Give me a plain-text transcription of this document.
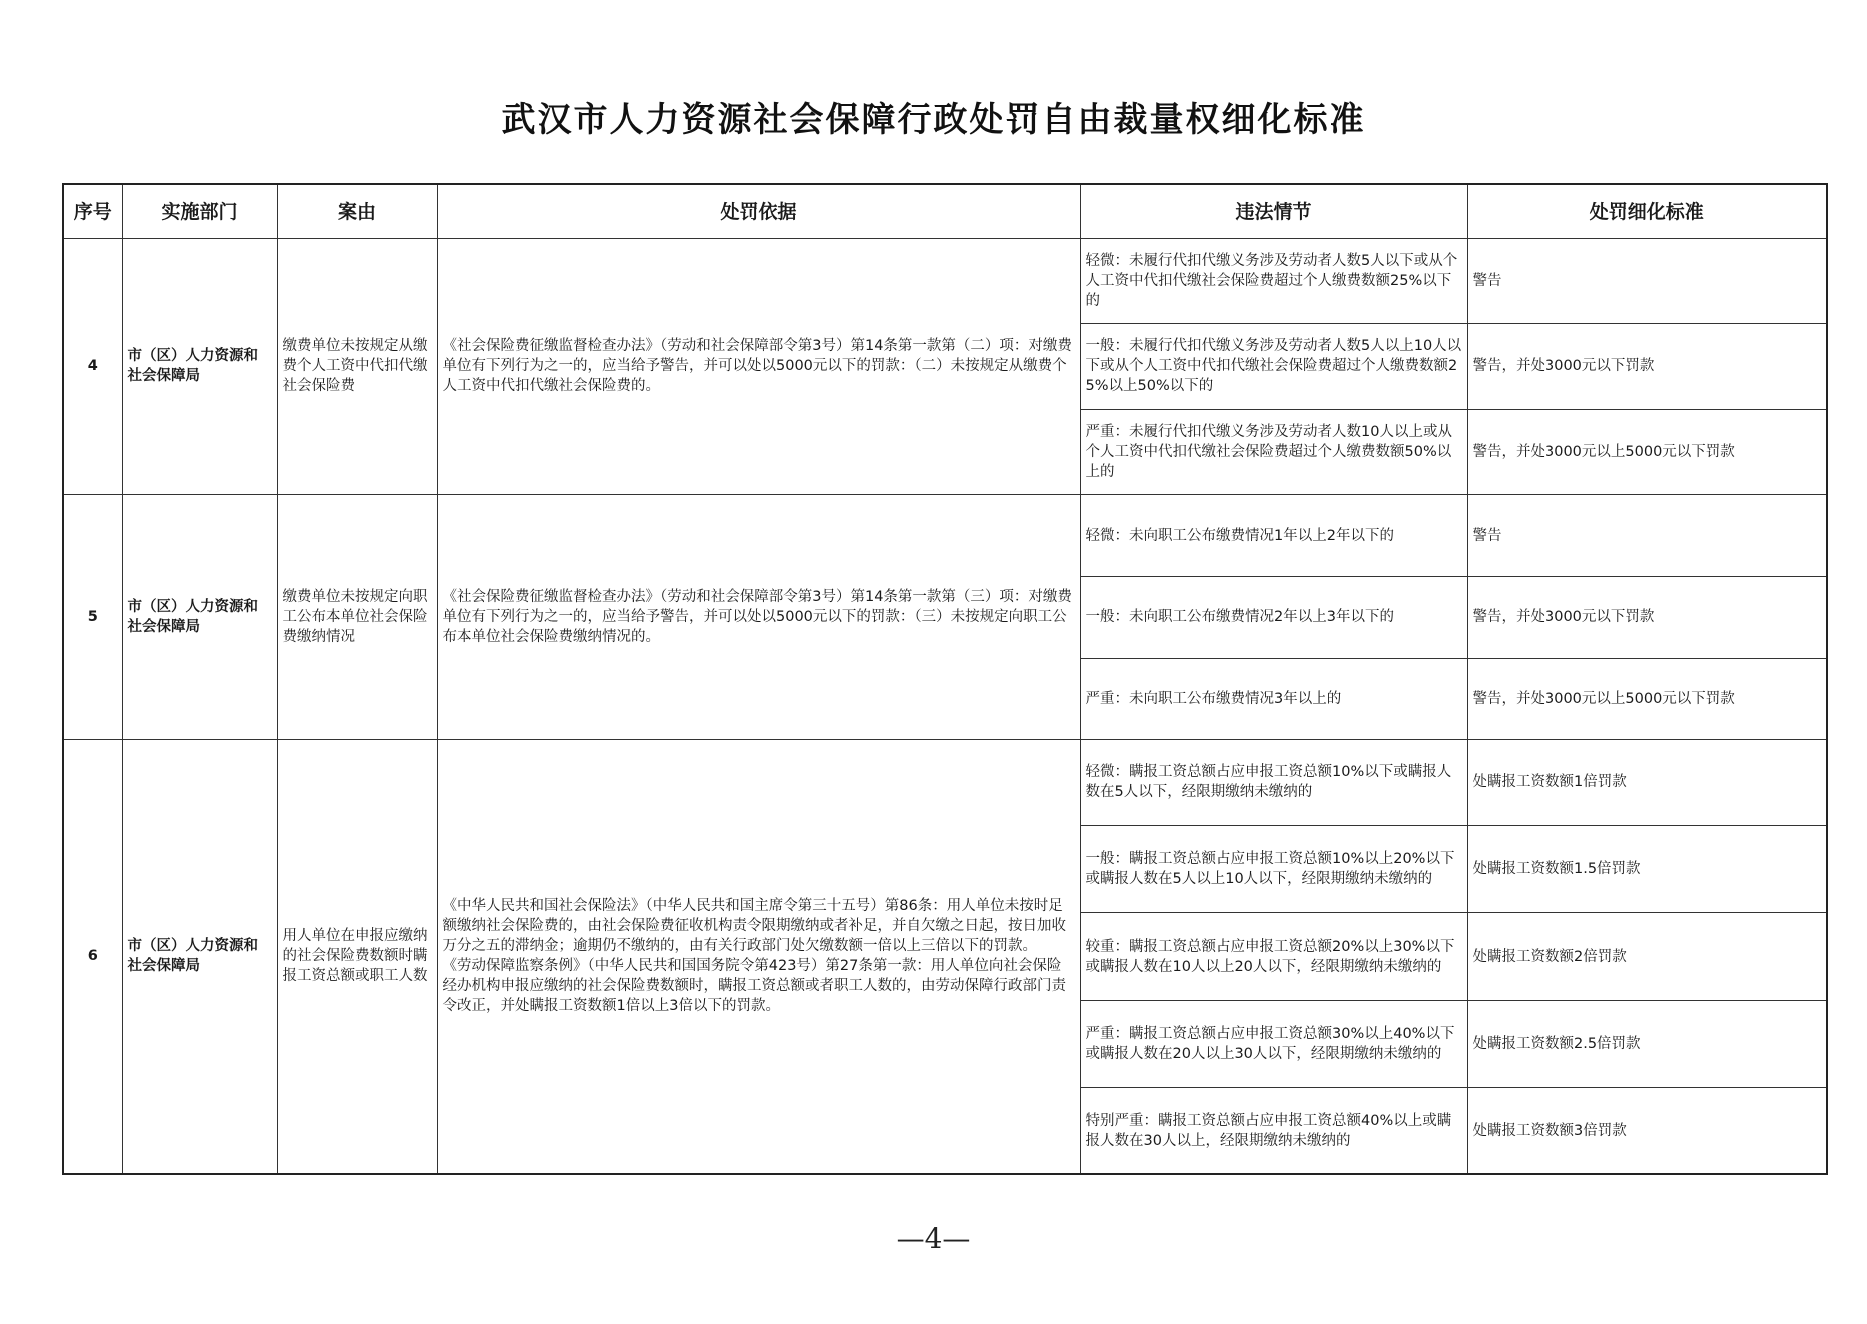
武汉市人力资源社会保障行政处罚自由裁量权细化标准
序号	实施部门	案由	处罚依据	违法情节	处罚细化标准
4	市（区）人力资源和社会保障局	缴费单位未按规定从缴费个人工资中代扣代缴社会保险费	《社会保险费征缴监督检查办法》（劳动和社会保障部令第3号）第14条第一款第（二）项：对缴费单位有下列行为之一的，应当给予警告，并可以处以5000元以下的罚款：（二）未按规定从缴费个人工资中代扣代缴社会保险费的。	轻微：未履行代扣代缴义务涉及劳动者人数5人以下或从个人工资中代扣代缴社会保险费超过个人缴费数额25%以下的	警告
				一般：未履行代扣代缴义务涉及劳动者人数5人以上10人以下或从个人工资中代扣代缴社会保险费超过个人缴费数额25%以上50%以下的	警告，并处3000元以下罚款
				严重：未履行代扣代缴义务涉及劳动者人数10人以上或从个人工资中代扣代缴社会保险费超过个人缴费数额50%以上的	警告，并处3000元以上5000元以下罚款
5	市（区）人力资源和社会保障局	缴费单位未按规定向职工公布本单位社会保险费缴纳情况	《社会保险费征缴监督检查办法》（劳动和社会保障部令第3号）第14条第一款第（三）项：对缴费单位有下列行为之一的，应当给予警告，并可以处以5000元以下的罚款：（三）未按规定向职工公布本单位社会保险费缴纳情况的。	轻微：未向职工公布缴费情况1年以上2年以下的	警告
				一般：未向职工公布缴费情况2年以上3年以下的	警告，并处3000元以下罚款
				严重：未向职工公布缴费情况3年以上的	警告，并处3000元以上5000元以下罚款
6	市（区）人力资源和社会保障局	用人单位在申报应缴纳的社会保险费数额时瞒报工资总额或职工人数	《中华人民共和国社会保险法》（中华人民共和国主席令第三十五号）第86条：用人单位未按时足额缴纳社会保险费的，由社会保险费征收机构责令限期缴纳或者补足，并自欠缴之日起，按日加收万分之五的滞纳金；逾期仍不缴纳的，由有关行政部门处欠缴数额一倍以上三倍以下的罚款。
《劳动保障监察条例》（中华人民共和国国务院令第423号）第27条第一款：用人单位向社会保险经办机构申报应缴纳的社会保险费数额时，瞒报工资总额或者职工人数的，由劳动保障行政部门责令改正，并处瞒报工资数额1倍以上3倍以下的罚款。	轻微：瞒报工资总额占应申报工资总额10%以下或瞒报人数在5人以下，经限期缴纳未缴纳的	处瞒报工资数额1倍罚款
				一般：瞒报工资总额占应申报工资总额10%以上20%以下或瞒报人数在5人以上10人以下，经限期缴纳未缴纳的	处瞒报工资数额1.5倍罚款
				较重：瞒报工资总额占应申报工资总额20%以上30%以下或瞒报人数在10人以上20人以下，经限期缴纳未缴纳的	处瞒报工资数额2倍罚款
				严重：瞒报工资总额占应申报工资总额30%以上40%以下或瞒报人数在20人以上30人以下，经限期缴纳未缴纳的	处瞒报工资数额2.5倍罚款
				特别严重：瞒报工资总额占应申报工资总额40%以上或瞒报人数在30人以上，经限期缴纳未缴纳的	处瞒报工资数额3倍罚款
—4—
